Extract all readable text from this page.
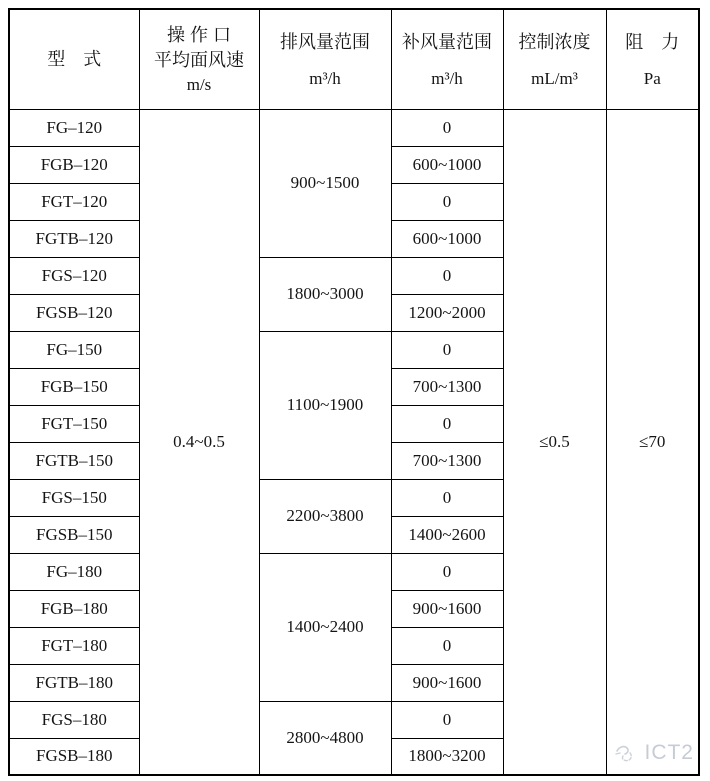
型　式

操 作 口
平均面风速
m/s

排风量范围
m³/h

补风量范围
m³/h

控制浓度
mL/m³

阻　力
Pa

FG–120	0.4~0.5	900~1500	0	≤0.5	≤70
FGB–120			600~1000		
FGT–120			0		
FGTB–120			600~1000		
FGS–120		1800~3000	0		
FGSB–120			1200~2000		
FG–150		1100~1900	0		
FGB–150			700~1300		
FGT–150			0		
FGTB–150			700~1300		
FGS–150		2200~3800	0		
FGSB–150			1400~2600		
FG–180		1400~2400	0		
FGB–180			900~1600		
FGT–180			0		
FGTB–180			900~1600		
FGS–180		2800~4800	0		
FGSB–180			1800~3200			ICT2
